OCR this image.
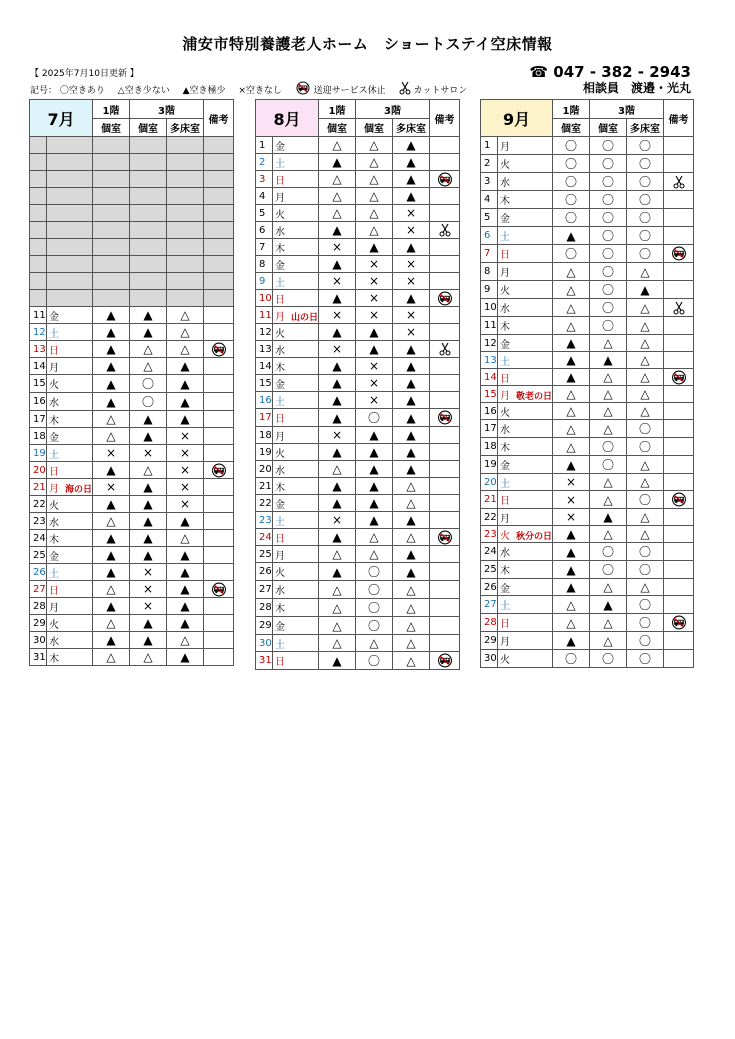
浦安市特別養護老人ホーム　ショートステイ空床情報
【 2025年7月10日更新 】
記号： 〇空きあり △空き少ない ▲空き極少 ×空きなし	送迎サービス休止	カットサロン
☎ 047 - 382 - 2943
相談員　渡邉・光丸
7月		1階	3階		備考
		個室	個室	多床室	

11	金	▲	▲	△	
12	土	▲	▲	△	
13	日	▲	△	△	
14	月	▲	△	▲	
15	火	▲	〇	▲	
16	水	▲	〇	▲	
17	木	△	▲	▲	
18	金	△	▲	×	
19	土	×	×	×	
20	日	▲	△	×	
21	月 海の日	×	▲	×	
22	火	▲	▲	×	
23	水	△	▲	▲	
24	木	▲	▲	△	
25	金	▲	▲	▲	
26	土	▲	×	▲	
27	日	△	×	▲	
28	月	▲	×	▲	
29	火	△	▲	▲	
30	水	▲	▲	△	
31	木	△	△	▲	
8月		1階	3階		備考
		個室	個室	多床室	
1	金	△	△	▲	
2	土	▲	△	▲	
3	日	△	△	▲	
4	月	△	△	▲	
5	火	△	△	×	
6	水	▲	△	×	
7	木	×	▲	▲	
8	金	▲	×	×	
9	土	×	×	×	
10	日	▲	×	▲	
11	月 山の日	×	×	×	
12	火	▲	▲	×	
13	水	×	▲	▲	
14	木	▲	×	▲	
15	金	▲	×	▲	
16	土	▲	×	▲	
17	日	▲	〇	▲	
18	月	×	▲	▲	
19	火	▲	▲	▲	
20	水	△	▲	▲	
21	木	▲	▲	△	
22	金	▲	▲	△	
23	土	×	▲	▲	
24	日	▲	△	△	
25	月	△	△	▲	
26	火	▲	〇	▲	
27	水	△	〇	△	
28	木	△	〇	△	
29	金	△	〇	△	
30	土	△	△	△	
31	日	▲	〇	△	
9月		1階	3階		備考
		個室	個室	多床室	
1	月	〇	〇	〇	
2	火	〇	〇	〇	
3	水	〇	〇	〇	
4	木	〇	〇	〇	
5	金	〇	〇	〇	
6	土	▲	〇	〇	
7	日	〇	〇	〇	
8	月	△	〇	△	
9	火	△	〇	▲	
10	水	△	〇	△	
11	木	△	〇	△	
12	金	▲	△	△	
13	土	▲	▲	△	
14	日	▲	△	△	
15	月 敬老の日	△	△	△	
16	火	△	△	△	
17	水	△	△	〇	
18	木	△	〇	〇	
19	金	▲	〇	△	
20	土	×	△	△	
21	日	×	△	〇	
22	月	×	▲	△	
23	火 秋分の日	▲	△	△	
24	水	▲	〇	〇	
25	木	▲	〇	〇	
26	金	▲	△	△	
27	土	△	▲	〇	
28	日	△	△	〇	
29	月	▲	△	〇	
30	火	〇	〇	〇	
